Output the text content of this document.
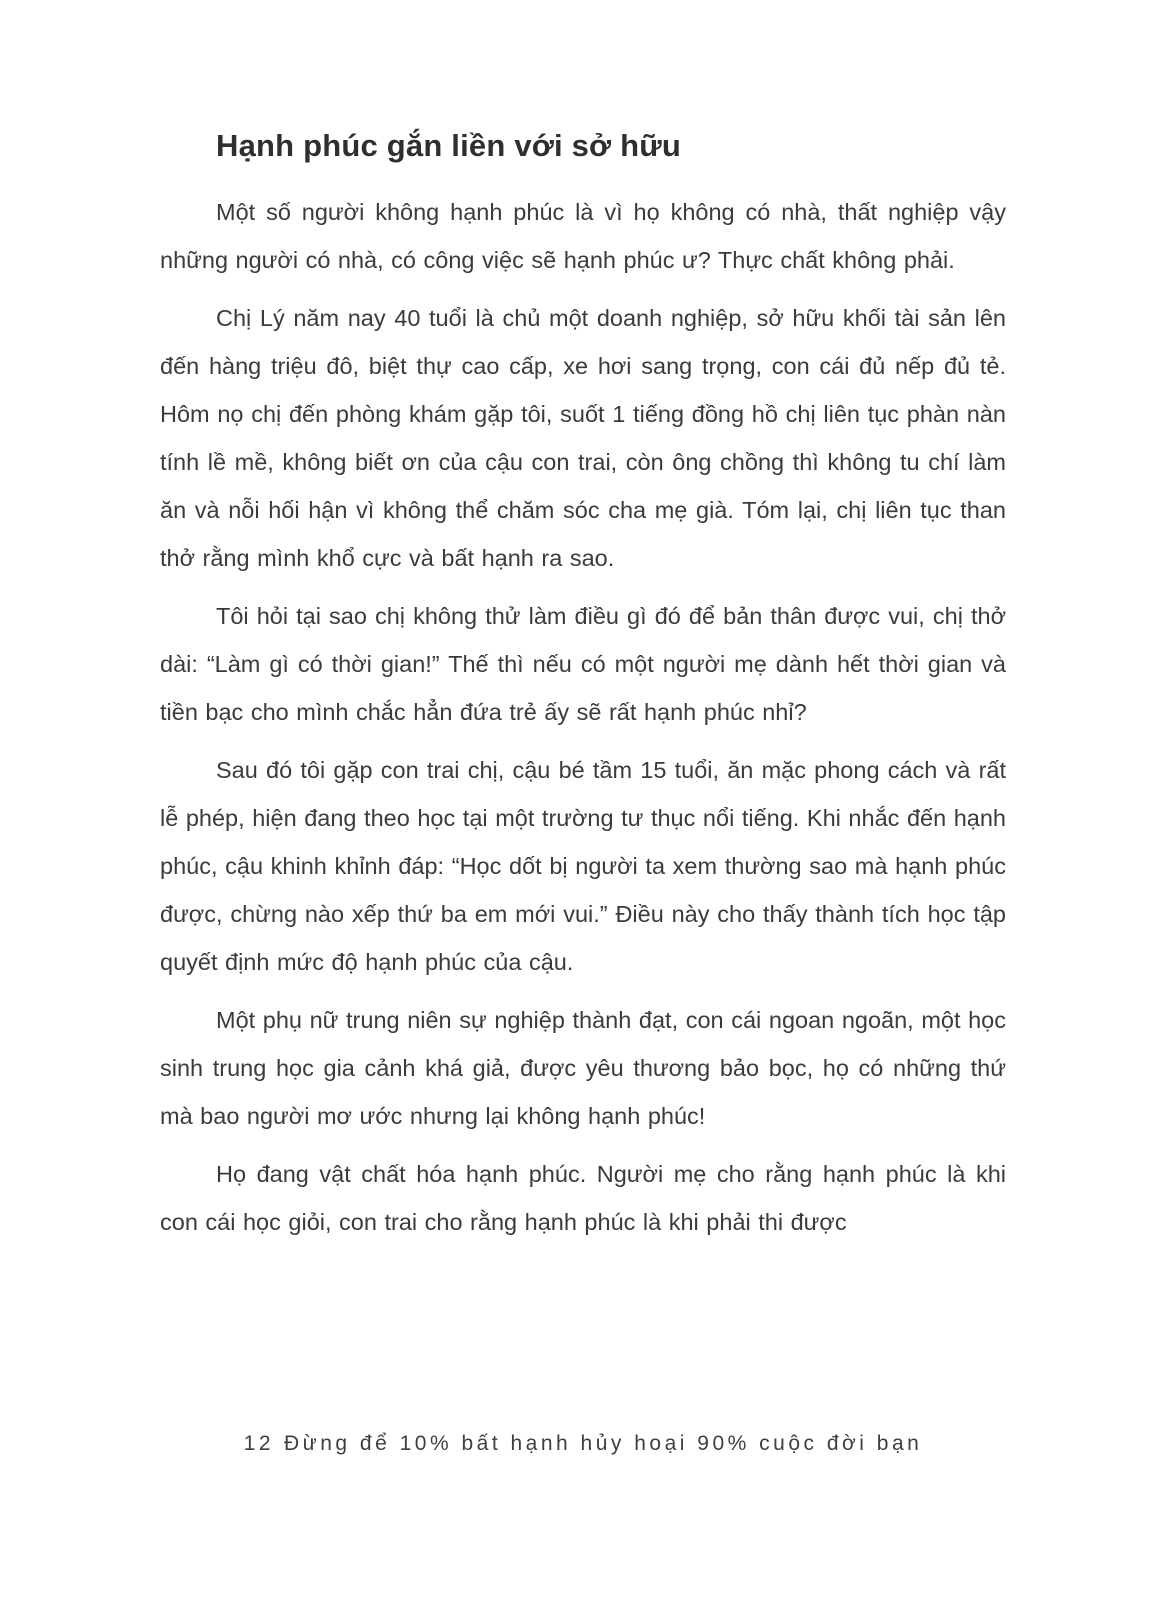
Hạnh phúc gắn liền với sở hữu

Một số người không hạnh phúc là vì họ không có nhà, thất nghiệp vậy những người có nhà, có công việc sẽ hạnh phúc ư? Thực chất không phải.

Chị Lý năm nay 40 tuổi là chủ một doanh nghiệp, sở hữu khối tài sản lên đến hàng triệu đô, biệt thự cao cấp, xe hơi sang trọng, con cái đủ nếp đủ tẻ. Hôm nọ chị đến phòng khám gặp tôi, suốt 1 tiếng đồng hồ chị liên tục phàn nàn tính lề mề, không biết ơn của cậu con trai, còn ông chồng thì không tu chí làm ăn và nỗi hối hận vì không thể chăm sóc cha mẹ già. Tóm lại, chị liên tục than thở rằng mình khổ cực và bất hạnh ra sao.

Tôi hỏi tại sao chị không thử làm điều gì đó để bản thân được vui, chị thở dài: “Làm gì có thời gian!” Thế thì nếu có một người mẹ dành hết thời gian và tiền bạc cho mình chắc hẳn đứa trẻ ấy sẽ rất hạnh phúc nhỉ?

Sau đó tôi gặp con trai chị, cậu bé tầm 15 tuổi, ăn mặc phong cách và rất lễ phép, hiện đang theo học tại một trường tư thục nổi tiếng. Khi nhắc đến hạnh phúc, cậu khinh khỉnh đáp: “Học dốt bị người ta xem thường sao mà hạnh phúc được, chừng nào xếp thứ ba em mới vui.” Điều này cho thấy thành tích học tập quyết định mức độ hạnh phúc của cậu.

Một phụ nữ trung niên sự nghiệp thành đạt, con cái ngoan ngoãn, một học sinh trung học gia cảnh khá giả, được yêu thương bảo bọc, họ có những thứ mà bao người mơ ước nhưng lại không hạnh phúc!

Họ đang vật chất hóa hạnh phúc. Người mẹ cho rằng hạnh phúc là khi con cái học giỏi, con trai cho rằng hạnh phúc là khi phải thi được

12 Đừng để 10% bất hạnh hủy hoại 90% cuộc đời bạn
